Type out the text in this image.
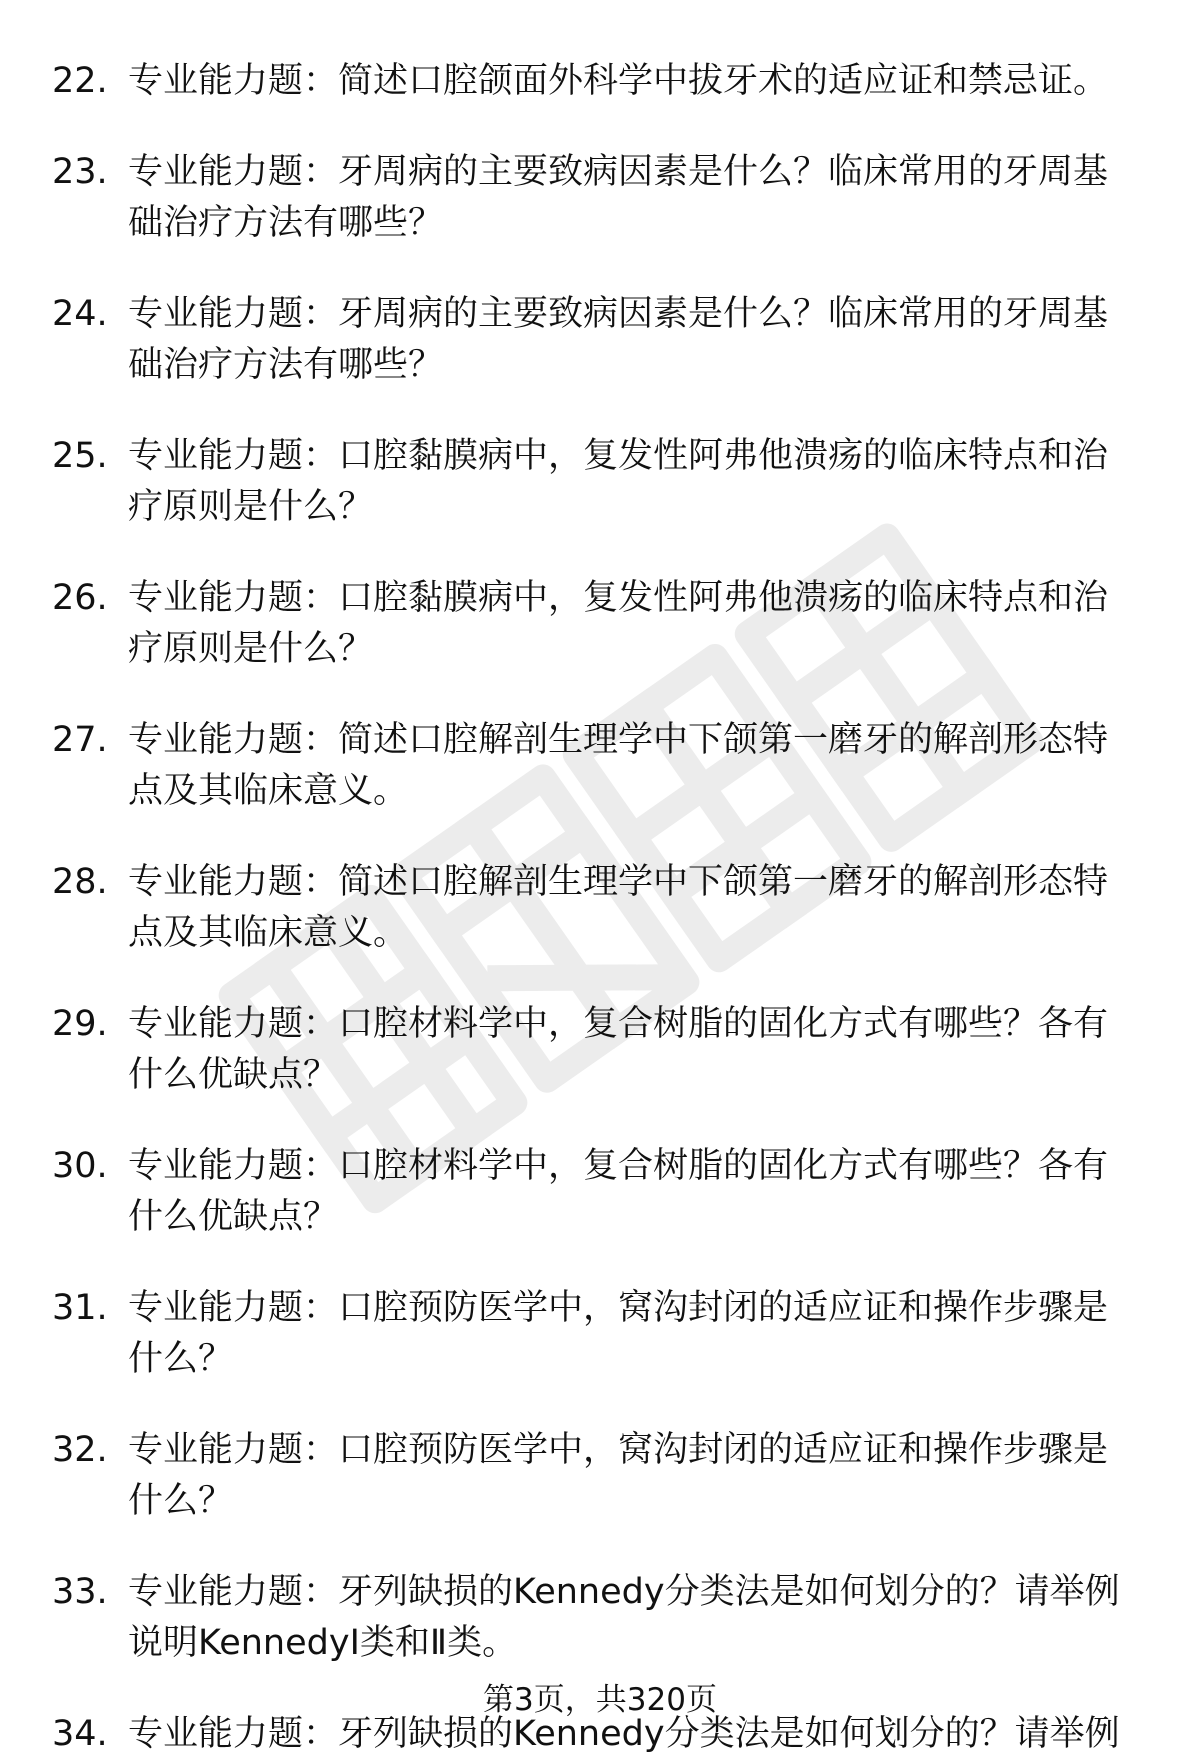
22. 专业能力题：简述口腔颌面外科学中拔牙术的适应证和禁忌证。
23. 专业能力题：牙周病的主要致病因素是什么？临床常用的牙周基
础治疗方法有哪些？
24. 专业能力题：牙周病的主要致病因素是什么？临床常用的牙周基
础治疗方法有哪些？
25. 专业能力题：口腔黏膜病中，复发性阿弗他溃疡的临床特点和治
疗原则是什么？
26. 专业能力题：口腔黏膜病中，复发性阿弗他溃疡的临床特点和治
疗原则是什么？
27. 专业能力题：简述口腔解剖生理学中下颌第一磨牙的解剖形态特
点及其临床意义。
28. 专业能力题：简述口腔解剖生理学中下颌第一磨牙的解剖形态特
点及其临床意义。
29. 专业能力题：口腔材料学中，复合树脂的固化方式有哪些？各有
什么优缺点？
30. 专业能力题：口腔材料学中，复合树脂的固化方式有哪些？各有
什么优缺点？
31. 专业能力题：口腔预防医学中，窝沟封闭的适应证和操作步骤是
什么？
32. 专业能力题：口腔预防医学中，窝沟封闭的适应证和操作步骤是
什么？
33. 专业能力题：牙列缺损的Kennedy分类法是如何划分的？请举例
说明KennedyⅠ类和Ⅱ类。
34. 专业能力题：牙列缺损的Kennedy分类法是如何划分的？请举例
第3页，共320页
